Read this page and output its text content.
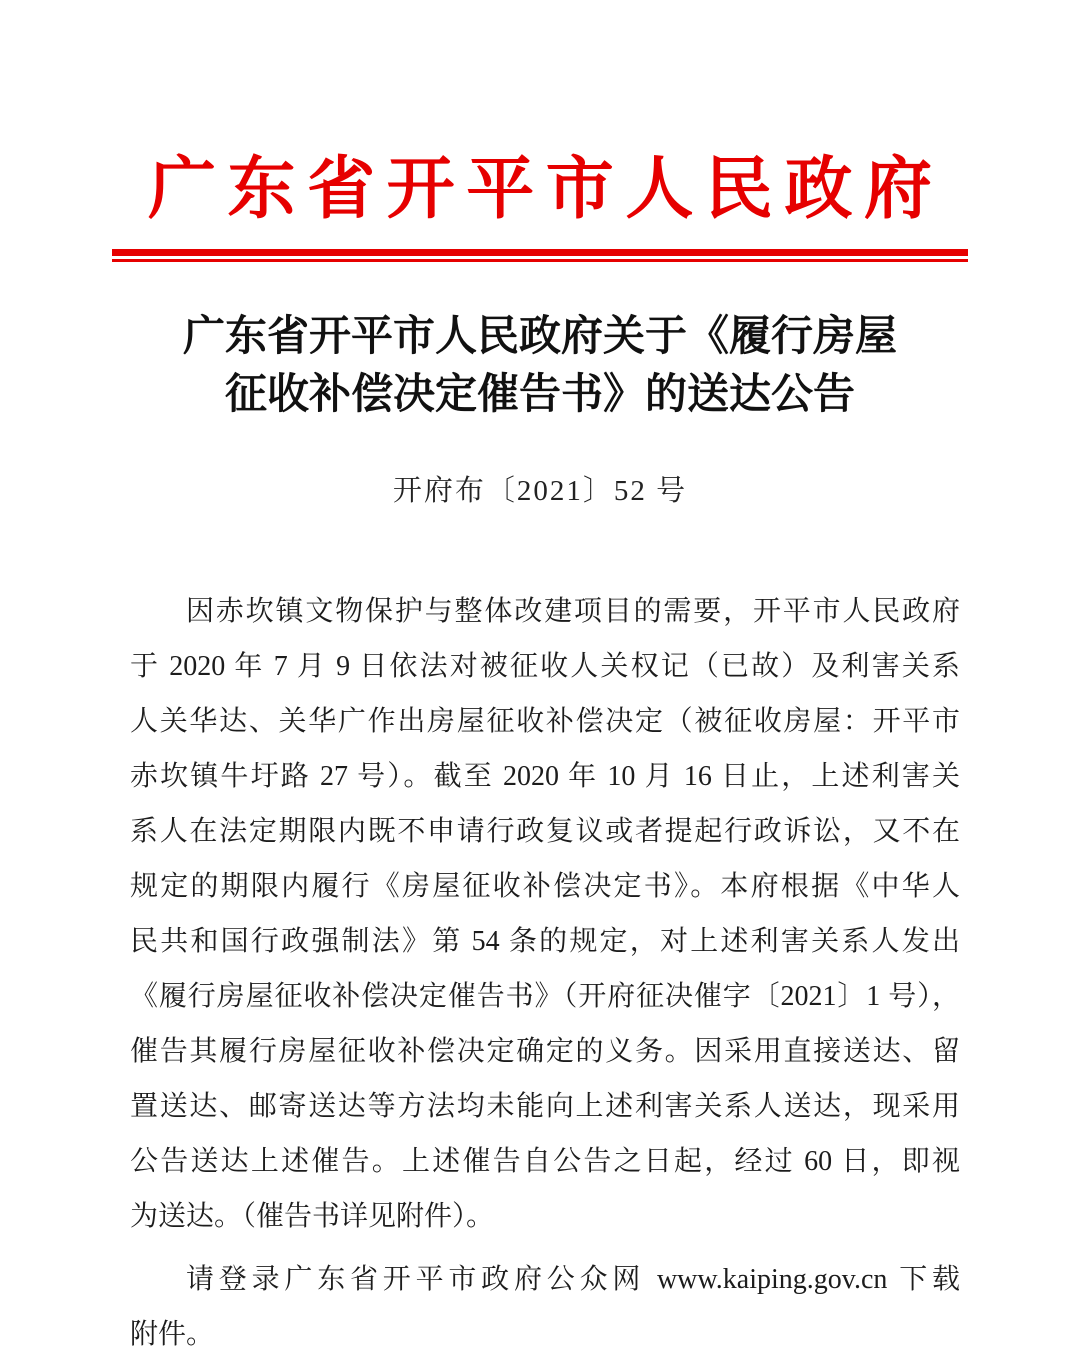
广东省开平市人民政府
广东省开平市人民政府关于《履行房屋
征收补偿决定催告书》的送达公告
开府布〔2021〕52 号
因赤坎镇文物保护与整体改建项目的需要，开平市人民政府
于 2020 年 7 月 9 日依法对被征收人关权记（已故）及利害关系
人关华达、关华广作出房屋征收补偿决定（被征收房屋：开平市
赤坎镇牛圩路 27 号）。截至 2020 年 10 月 16 日止，上述利害关
系人在法定期限内既不申请行政复议或者提起行政诉讼，又不在
规定的期限内履行《房屋征收补偿决定书》。本府根据《中华人
民共和国行政强制法》第 54 条的规定，对上述利害关系人发出
《履行房屋征收补偿决定催告书》（开府征决催字〔2021〕1 号），
催告其履行房屋征收补偿决定确定的义务。因采用直接送达、留
置送达、邮寄送达等方法均未能向上述利害关系人送达，现采用
公告送达上述催告。上述催告自公告之日起，经过 60 日，即视
为送达。（催告书详见附件）。
请登录广东省开平市政府公众网 www.kaiping.gov.cn 下载
附件。
